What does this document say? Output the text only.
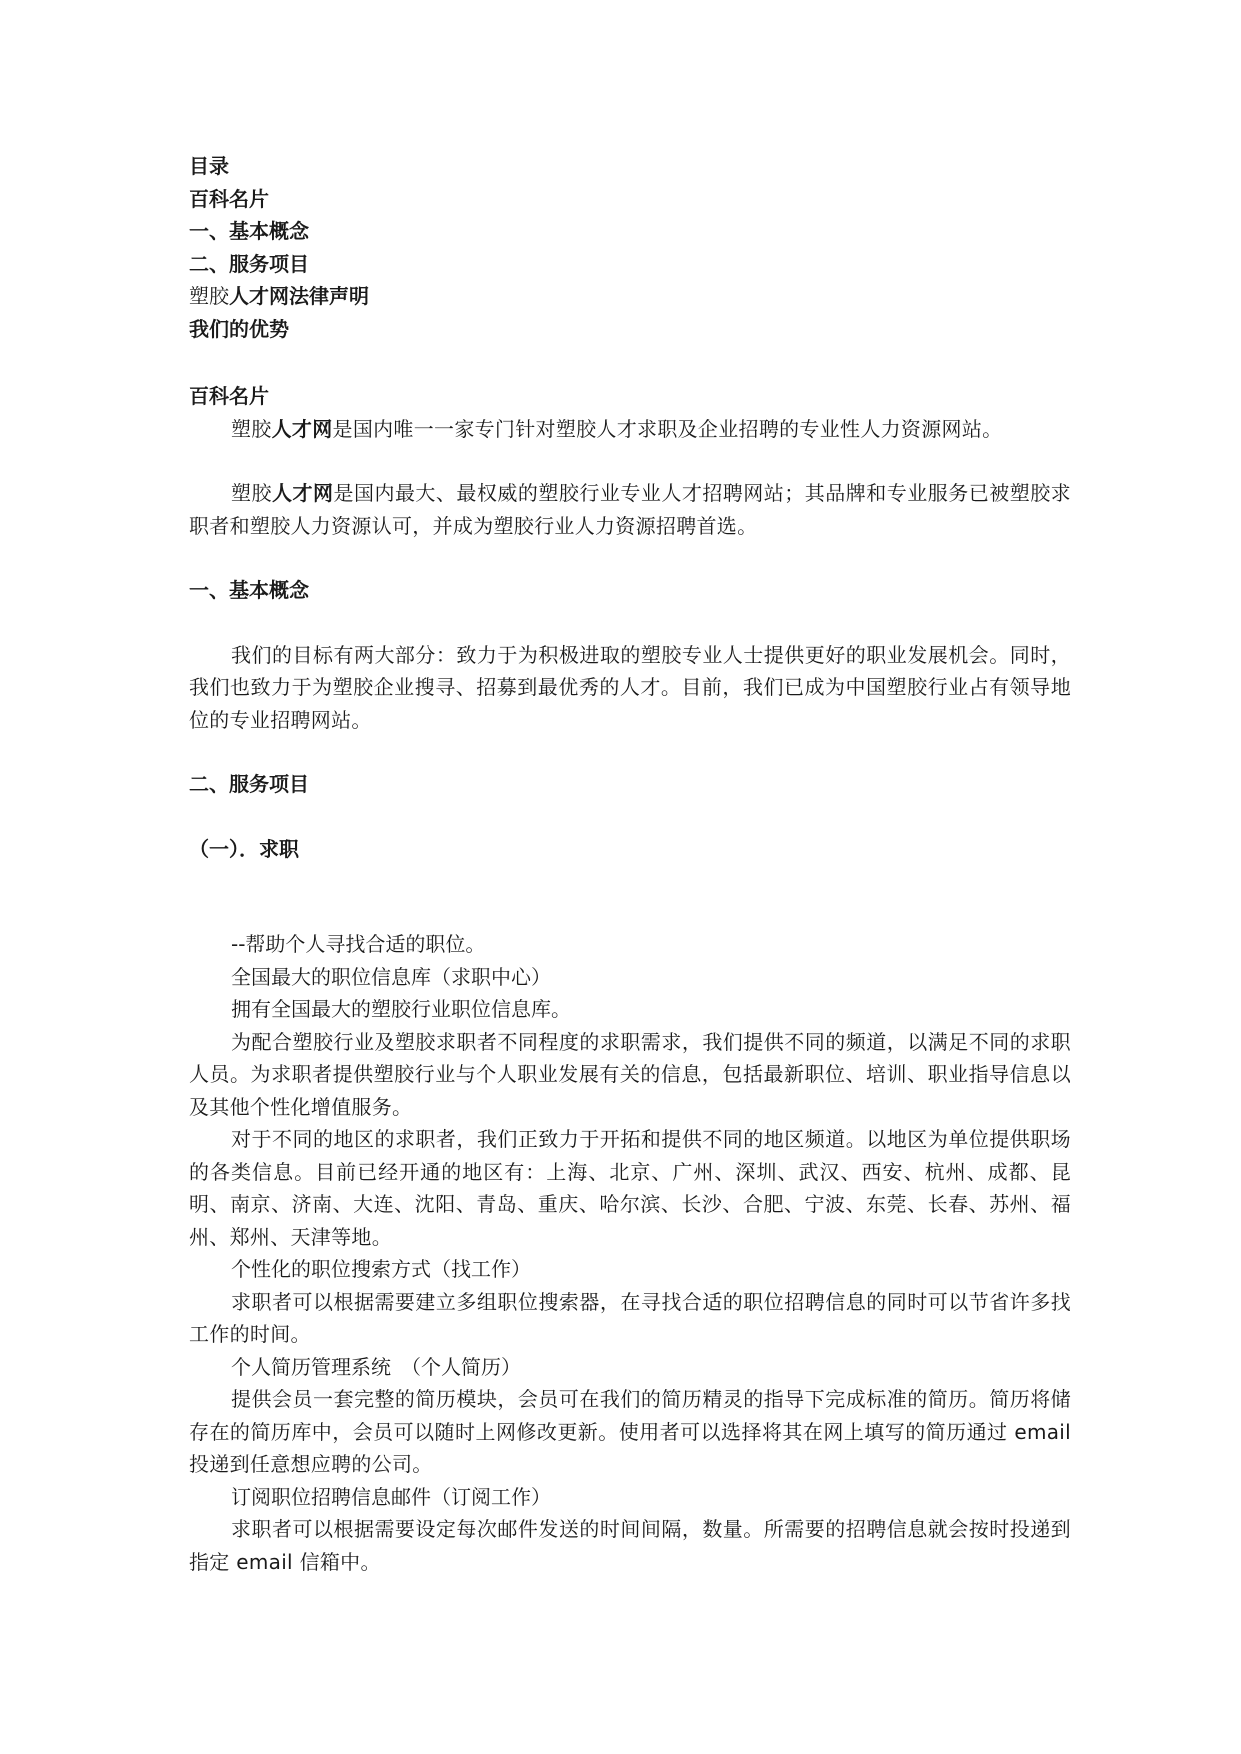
目录
百科名片
一、基本概念
二、服务项目
塑胶人才网法律声明
我们的优势
百科名片
塑胶人才网是国内唯一一家专门针对塑胶人才求职及企业招聘的专业性人力资源网站。
塑胶人才网是国内最大、最权威的塑胶行业专业人才招聘网站；其品牌和专业服务已被塑胶求职者和塑胶人力资源认可，并成为塑胶行业人力资源招聘首选。
一、基本概念
我们的目标有两大部分：致力于为积极进取的塑胶专业人士提供更好的职业发展机会。同时，我们也致力于为塑胶企业搜寻、招募到最优秀的人才。目前，我们已成为中国塑胶行业占有领导地位的专业招聘网站。
二、服务项目
（一）．求职
--帮助个人寻找合适的职位。
全国最大的职位信息库（求职中心）
拥有全国最大的塑胶行业职位信息库。
为配合塑胶行业及塑胶求职者不同程度的求职需求，我们提供不同的频道，以满足不同的求职人员。为求职者提供塑胶行业与个人职业发展有关的信息，包括最新职位、培训、职业指导信息以及其他个性化增值服务。
对于不同的地区的求职者，我们正致力于开拓和提供不同的地区频道。以地区为单位提供职场的各类信息。目前已经开通的地区有：上海、北京、广州、深圳、武汉、西安、杭州、成都、昆明、南京、济南、大连、沈阳、青岛、重庆、哈尔滨、长沙、合肥、宁波、东莞、长春、苏州、福州、郑州、天津等地。
个性化的职位搜索方式（找工作）
求职者可以根据需要建立多组职位搜索器，在寻找合适的职位招聘信息的同时可以节省许多找工作的时间。
个人简历管理系统　（个人简历）
提供会员一套完整的简历模块，会员可在我们的简历精灵的指导下完成标准的简历。简历将储存在的简历库中，会员可以随时上网修改更新。使用者可以选择将其在网上填写的简历通过 email 投递到任意想应聘的公司。
订阅职位招聘信息邮件（订阅工作）
求职者可以根据需要设定每次邮件发送的时间间隔，数量。所需要的招聘信息就会按时投递到指定 email 信箱中。
